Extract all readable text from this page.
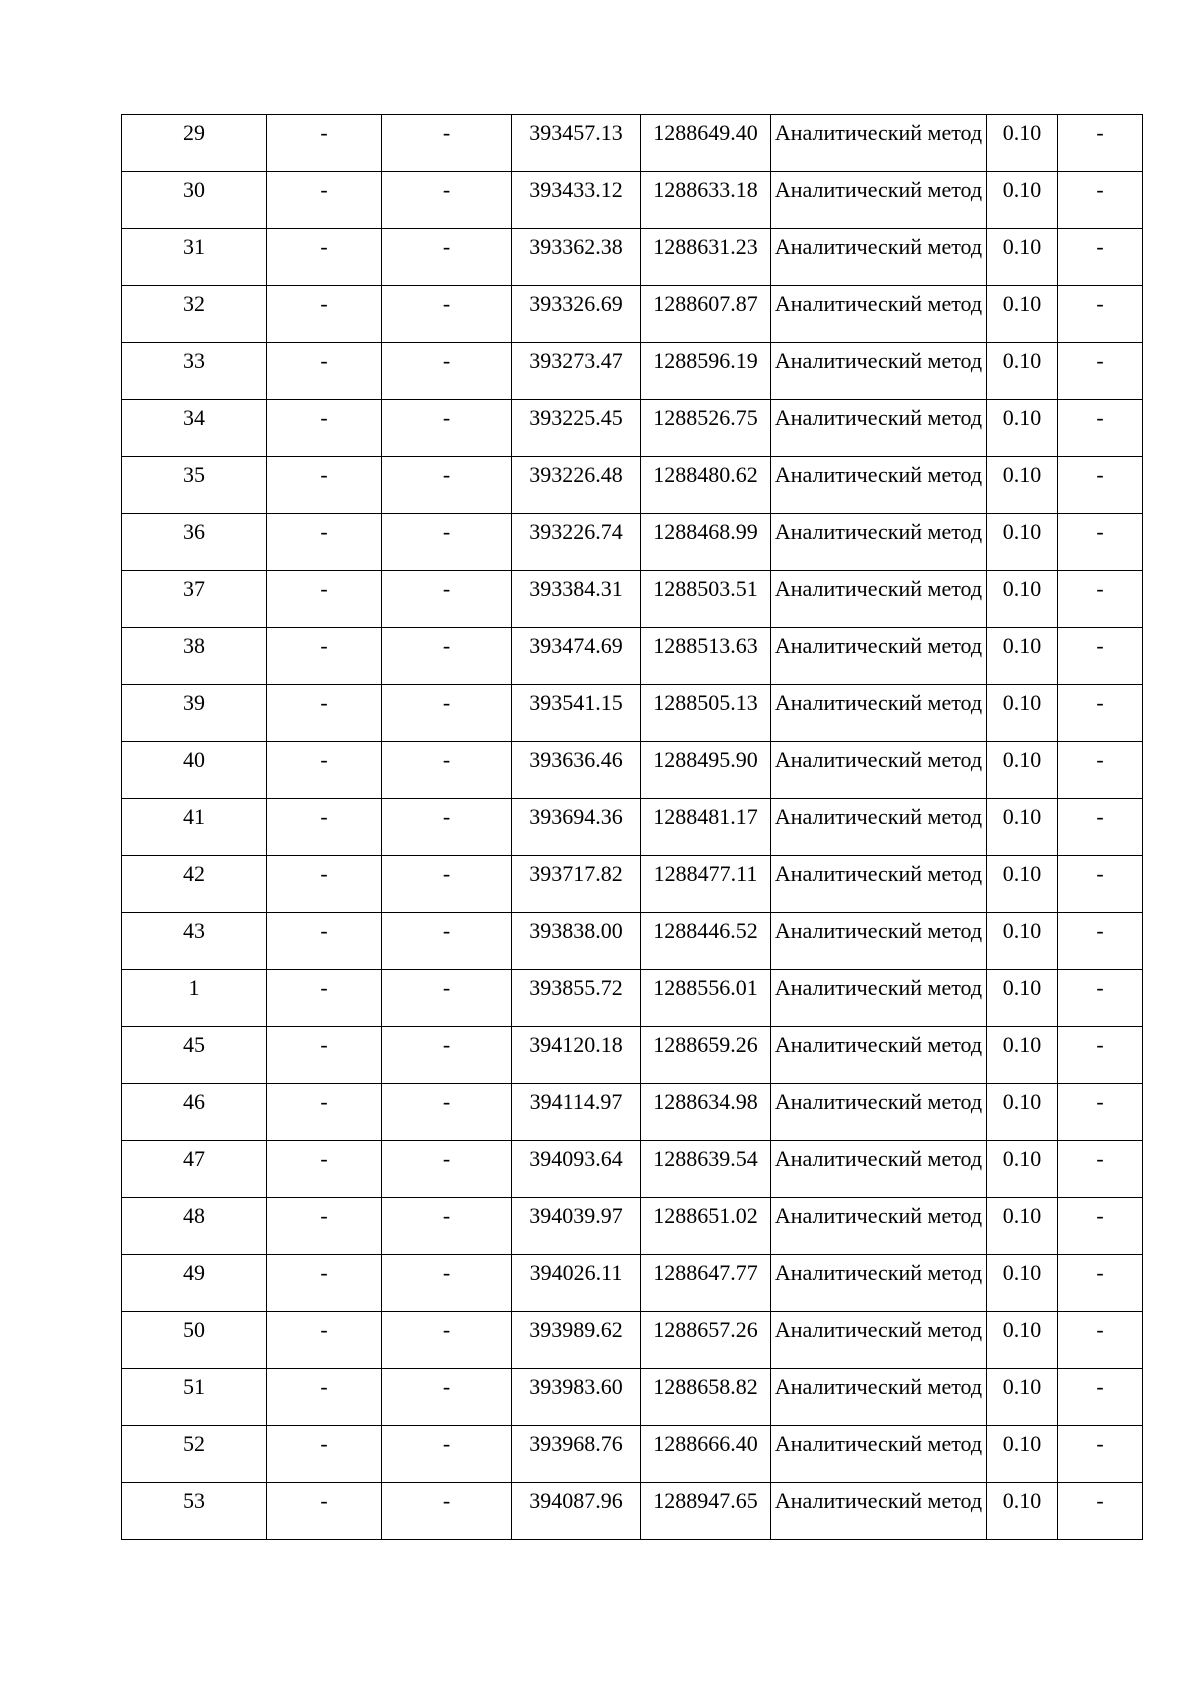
29	-	-	393457.13	1288649.40	Аналитический метод	0.10	-
30	-	-	393433.12	1288633.18	Аналитический метод	0.10	-
31	-	-	393362.38	1288631.23	Аналитический метод	0.10	-
32	-	-	393326.69	1288607.87	Аналитический метод	0.10	-
33	-	-	393273.47	1288596.19	Аналитический метод	0.10	-
34	-	-	393225.45	1288526.75	Аналитический метод	0.10	-
35	-	-	393226.48	1288480.62	Аналитический метод	0.10	-
36	-	-	393226.74	1288468.99	Аналитический метод	0.10	-
37	-	-	393384.31	1288503.51	Аналитический метод	0.10	-
38	-	-	393474.69	1288513.63	Аналитический метод	0.10	-
39	-	-	393541.15	1288505.13	Аналитический метод	0.10	-
40	-	-	393636.46	1288495.90	Аналитический метод	0.10	-
41	-	-	393694.36	1288481.17	Аналитический метод	0.10	-
42	-	-	393717.82	1288477.11	Аналитический метод	0.10	-
43	-	-	393838.00	1288446.52	Аналитический метод	0.10	-
1	-	-	393855.72	1288556.01	Аналитический метод	0.10	-
45	-	-	394120.18	1288659.26	Аналитический метод	0.10	-
46	-	-	394114.97	1288634.98	Аналитический метод	0.10	-
47	-	-	394093.64	1288639.54	Аналитический метод	0.10	-
48	-	-	394039.97	1288651.02	Аналитический метод	0.10	-
49	-	-	394026.11	1288647.77	Аналитический метод	0.10	-
50	-	-	393989.62	1288657.26	Аналитический метод	0.10	-
51	-	-	393983.60	1288658.82	Аналитический метод	0.10	-
52	-	-	393968.76	1288666.40	Аналитический метод	0.10	-
53	-	-	394087.96	1288947.65	Аналитический метод	0.10	-
